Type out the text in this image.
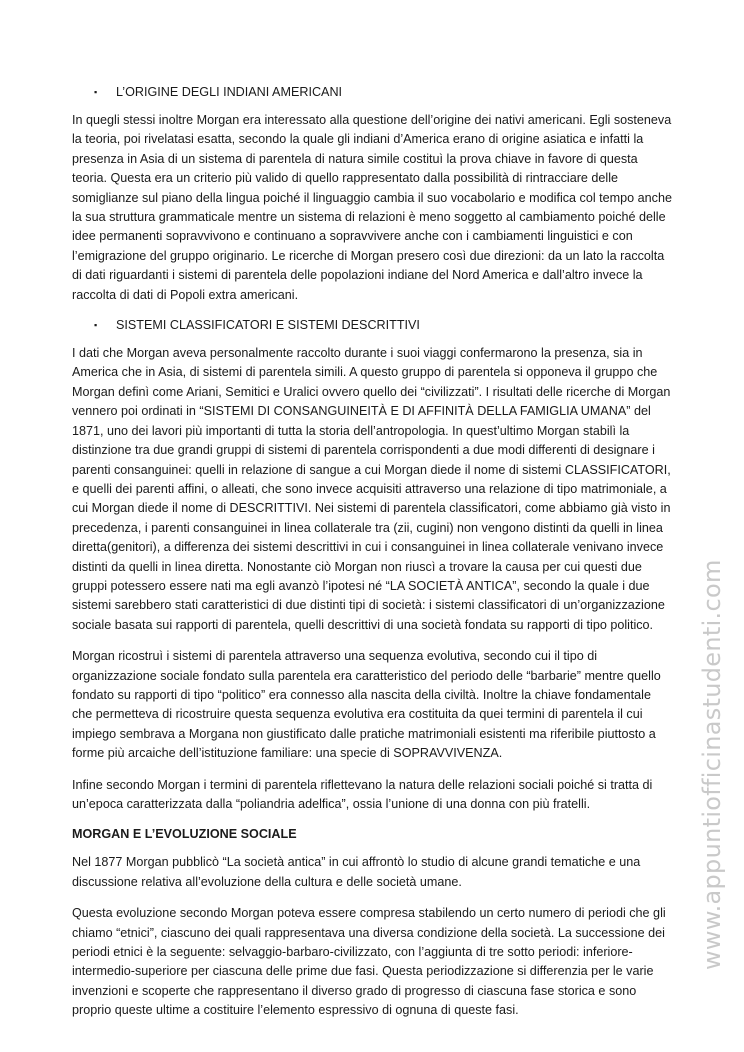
▪ L’ORIGINE DEGLI INDIANI AMERICANI

In quegli stessi inoltre Morgan era interessato alla questione dell’origine dei nativi americani. Egli sosteneva la teoria, poi rivelatasi esatta, secondo la quale gli indiani d’America erano di origine asiatica e infatti la presenza in Asia di un sistema di parentela di natura simile costituì la prova chiave in favore di questa teoria. Questa era un criterio più valido di quello rappresentato dalla possibilità di rintracciare delle somiglianze sul piano della lingua poiché il linguaggio cambia il suo vocabolario e modifica col tempo anche la sua struttura grammaticale mentre un sistema di relazioni è meno soggetto al cambiamento poiché delle idee permanenti sopravvivono e continuano a sopravvivere anche con i cambiamenti linguistici e con l’emigrazione del gruppo originario. Le ricerche di Morgan presero così due direzioni: da un lato la raccolta di dati riguardanti i sistemi di parentela delle popolazioni indiane del Nord America e dall’altro invece la raccolta di dati di Popoli extra americani.

▪ SISTEMI CLASSIFICATORI E SISTEMI DESCRITTIVI

I dati che Morgan aveva personalmente raccolto durante i suoi viaggi confermarono la presenza, sia in America che in Asia, di sistemi di parentela simili. A questo gruppo di parentela si opponeva il gruppo che Morgan definì come Ariani, Semitici e Uralici ovvero quello dei “civilizzati”. I risultati delle ricerche di Morgan vennero poi ordinati in “SISTEMI DI CONSANGUINEITÀ E DI AFFINITÀ DELLA FAMIGLIA UMANA” del 1871, uno dei lavori più importanti di tutta la storia dell’antropologia. In quest’ultimo Morgan stabilì la distinzione tra due grandi gruppi di sistemi di parentela corrispondenti a due modi differenti di designare i parenti consanguinei: quelli in relazione di sangue a cui Morgan diede il nome di sistemi CLASSIFICATORI, e quelli dei parenti affini, o alleati, che sono invece acquisiti attraverso una relazione di tipo matrimoniale, a cui Morgan diede il nome di DESCRITTIVI. Nei sistemi di parentela classificatori, come abbiamo già visto in precedenza, i parenti consanguinei in linea collaterale tra (zii, cugini) non vengono distinti da quelli in linea diretta(genitori), a differenza dei sistemi descrittivi in cui i consanguinei in linea collaterale venivano invece distinti da quelli in linea diretta. Nonostante ciò Morgan non riuscì a trovare la causa per cui questi due gruppi potessero essere nati ma egli avanzò l’ipotesi né “LA SOCIETÀ ANTICA”, secondo la quale i due sistemi sarebbero stati caratteristici di due distinti tipi di società: i sistemi classificatori di un’organizzazione sociale basata sui rapporti di parentela, quelli descrittivi di una società fondata su rapporti di tipo politico.

Morgan ricostruì i sistemi di parentela attraverso una sequenza evolutiva, secondo cui il tipo di organizzazione sociale fondato sulla parentela era caratteristico del periodo delle “barbarie” mentre quello fondato su rapporti di tipo “politico” era connesso alla nascita della civiltà. Inoltre la chiave fondamentale che permetteva di ricostruire questa sequenza evolutiva era costituita da quei termini di parentela il cui impiego sembrava a Morgana non giustificato dalle pratiche matrimoniali esistenti ma riferibile piuttosto a forme più arcaiche dell’istituzione familiare: una specie di SOPRAVVIVENZA.

Infine secondo Morgan i termini di parentela riflettevano la natura delle relazioni sociali poiché si tratta di un’epoca caratterizzata dalla “poliandria adelfica”, ossia l’unione di una donna con più fratelli.

MORGAN E L’EVOLUZIONE SOCIALE

Nel 1877 Morgan pubblicò “La società antica” in cui affrontò lo studio di alcune grandi tematiche e una discussione relativa all’evoluzione della cultura e delle società umane.

Questa evoluzione secondo Morgan poteva essere compresa stabilendo un certo numero di periodi che gli chiamo “etnici”, ciascuno dei quali rappresentava una diversa condizione della società. La successione dei periodi etnici è la seguente: selvaggio-barbaro-civilizzato, con l’aggiunta di tre sotto periodi: inferiore-intermedio-superiore per ciascuna delle prime due fasi. Questa periodizzazione si differenzia per le varie invenzioni e scoperte che rappresentano il diverso grado di progresso di ciascuna fase storica e sono proprio queste ultime a costituire l’elemento espressivo di ognuna di queste fasi.

www.appuntiofficinastudenti.com
